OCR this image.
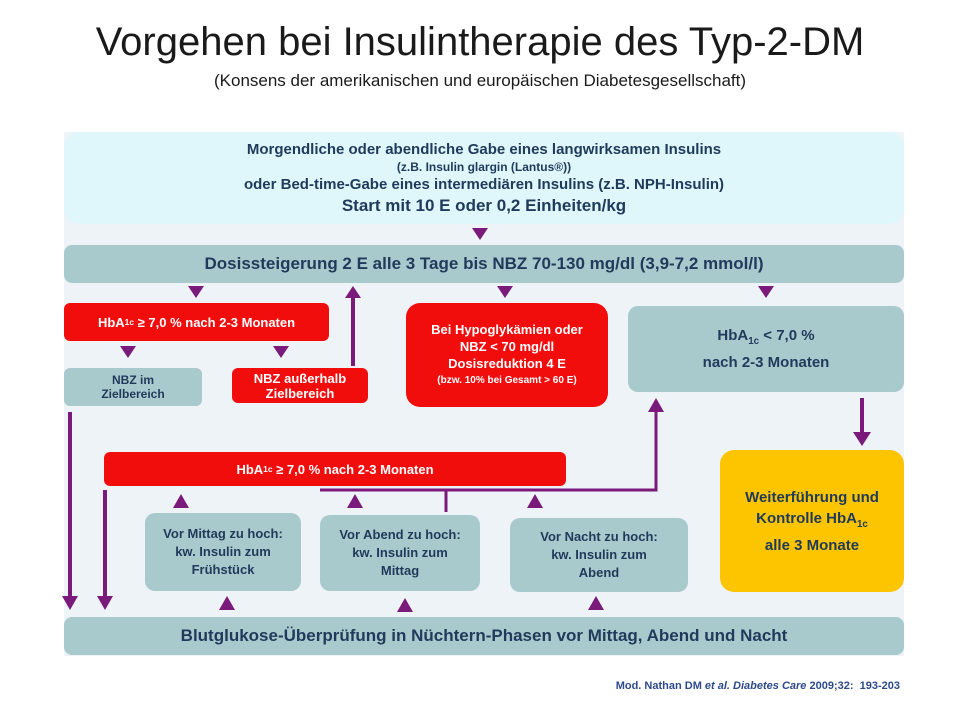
Vorgehen bei Insulintherapie des Typ-2-DM
(Konsens der amerikanischen und europäischen Diabetesgesellschaft)
Morgendliche oder abendliche Gabe eines langwirksamen Insulins
(z.B. Insulin glargin (Lantus®))
oder Bed-time-Gabe eines intermediären Insulins (z.B. NPH-Insulin)
Start mit 10 E oder 0,2 Einheiten/kg
Dosissteigerung 2 E alle 3 Tage bis NBZ 70-130 mg/dl (3,9-7,2 mmol/l)
HbA 1c ≥ 7,0 % nach 2-3 Monaten
NBZ im
Zielbereich
NBZ außerhalb
Zielbereich
Bei Hypoglykämien oder
NBZ < 70 mg/dl
Dosisreduktion 4 E
(bzw. 10% bei Gesamt > 60 E)
HbA$_{1c}$ < 7,0 %
nach 2-3 Monaten
HbA 1c ≥ 7,0 % nach 2-3 Monaten
Weiterführung und
Kontrolle HbA$_{1c}$
alle 3 Monate
Vor Mittag zu hoch:
kw. Insulin zum
Frühstück
Vor Abend zu hoch:
kw. Insulin zum
Mittag
Vor Nacht zu hoch:
kw. Insulin zum
Abend
Blutglukose-Überprüfung in Nüchtern-Phasen vor Mittag, Abend und Nacht
Mod. Nathan DM et al. Diabetes Care 2009;32:  193-203
